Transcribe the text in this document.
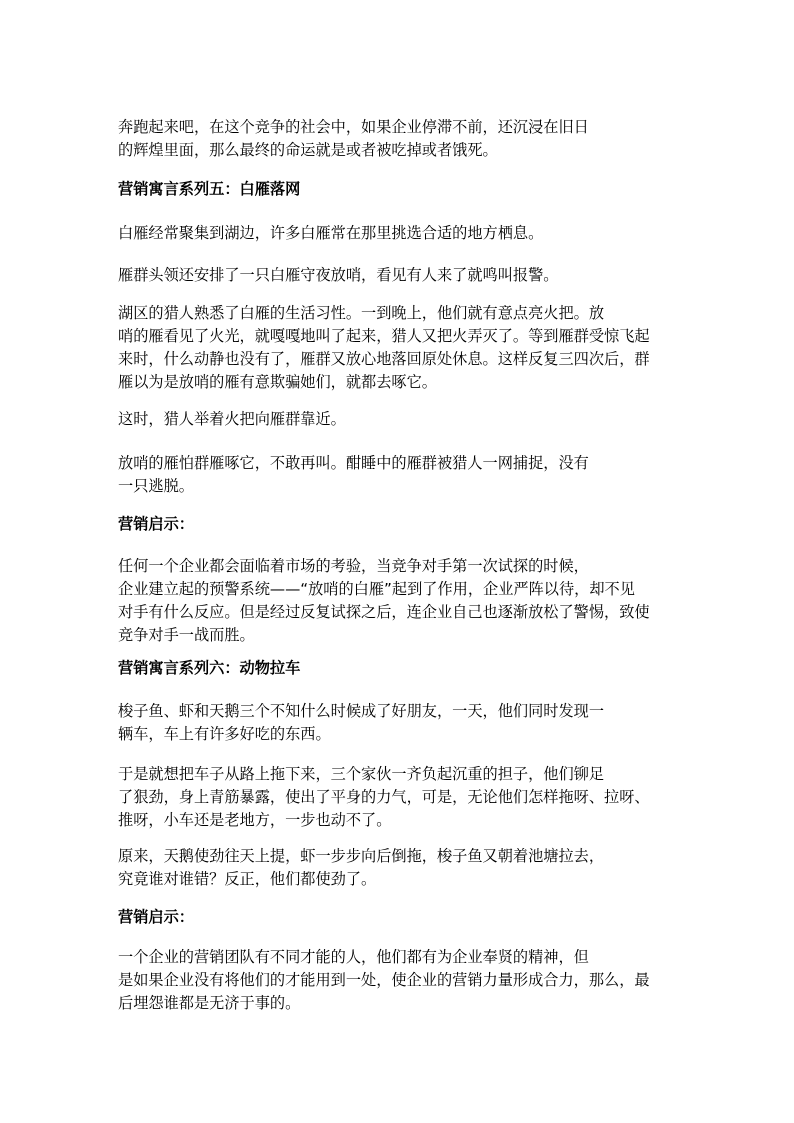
奔跑起来吧，在这个竞争的社会中，如果企业停滞不前，还沉浸在旧日
的辉煌里面，那么最终的命运就是或者被吃掉或者饿死。
营销寓言系列五：白雁落网
白雁经常聚集到湖边，许多白雁常在那里挑选合适的地方栖息。
雁群头领还安排了一只白雁守夜放哨，看见有人来了就鸣叫报警。
湖区的猎人熟悉了白雁的生活习性。一到晚上，他们就有意点亮火把。放
哨的雁看见了火光，就嘎嘎地叫了起来，猎人又把火弄灭了。等到雁群受惊飞起
来时，什么动静也没有了，雁群又放心地落回原处休息。这样反复三四次后，群
雁以为是放哨的雁有意欺骗她们，就都去啄它。
这时，猎人举着火把向雁群靠近。
放哨的雁怕群雁啄它，不敢再叫。酣睡中的雁群被猎人一网捕捉，没有
一只逃脱。
营销启示：
任何一个企业都会面临着市场的考验，当竞争对手第一次试探的时候，
企业建立起的预警系统——“放哨的白雁”起到了作用，企业严阵以待，却不见
对手有什么反应。但是经过反复试探之后，连企业自己也逐渐放松了警惕，致使
竞争对手一战而胜。
营销寓言系列六：动物拉车
梭子鱼、虾和天鹅三个不知什么时候成了好朋友，一天，他们同时发现一
辆车，车上有许多好吃的东西。
于是就想把车子从路上拖下来，三个家伙一齐负起沉重的担子，他们铆足
了狠劲，身上青筋暴露，使出了平身的力气，可是，无论他们怎样拖呀、拉呀、
推呀，小车还是老地方，一步也动不了。
原来，天鹅使劲往天上提，虾一步步向后倒拖，梭子鱼又朝着池塘拉去，
究竟谁对谁错？反正，他们都使劲了。
营销启示：
一个企业的营销团队有不同才能的人，他们都有为企业奉贤的精神，但
是如果企业没有将他们的才能用到一处，使企业的营销力量形成合力，那么，最
后埋怨谁都是无济于事的。
